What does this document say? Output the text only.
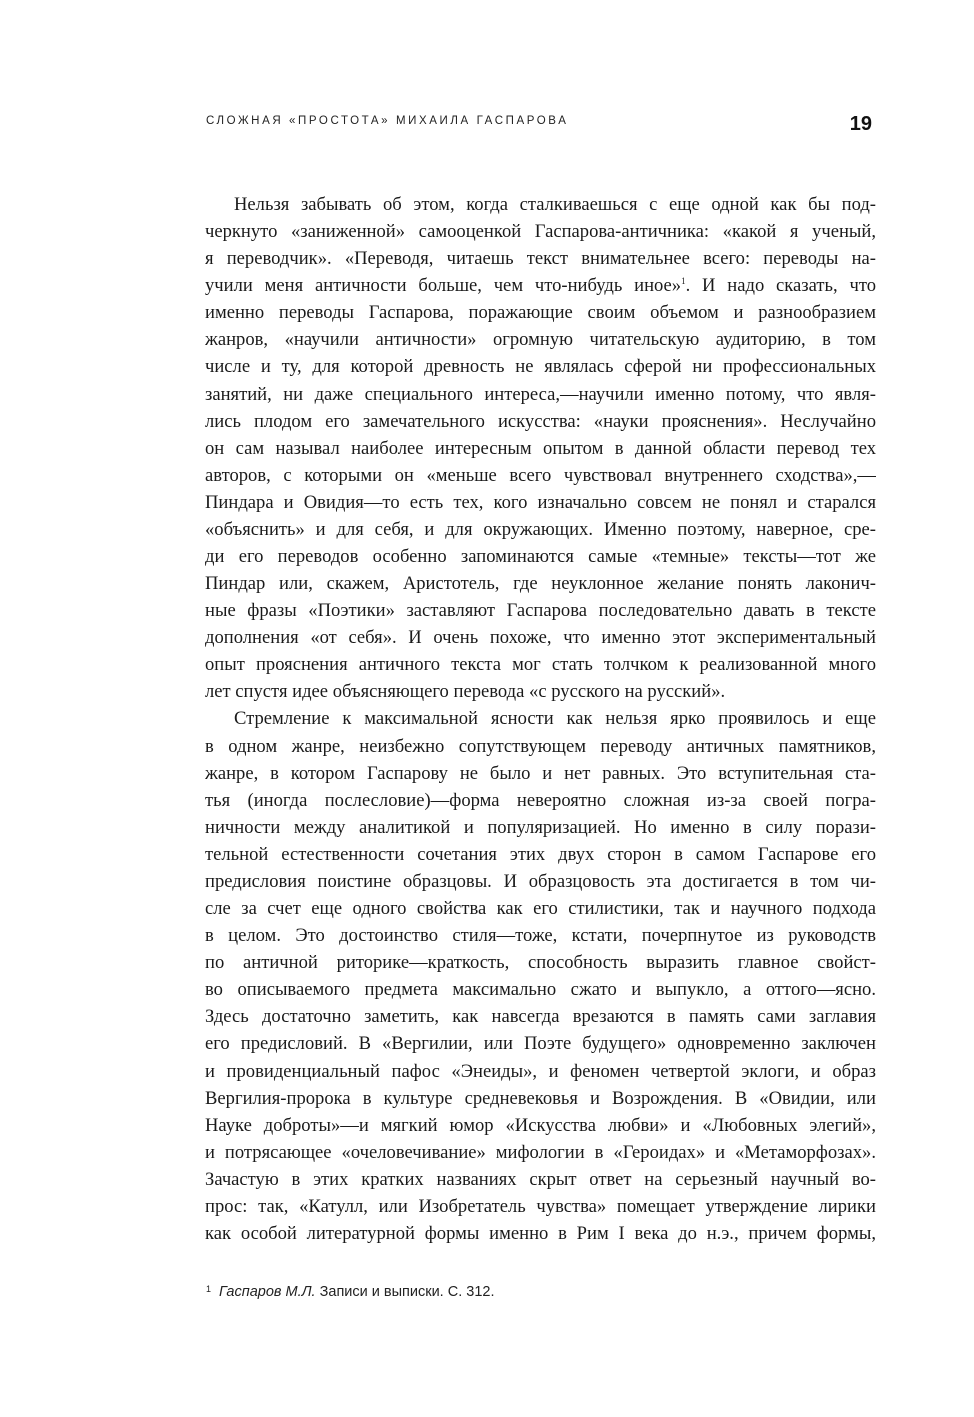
СЛОЖНАЯ «ПРОСТОТА» МИХАИЛА ГАСПАРОВА	19
Нельзя забывать об этом, когда сталкиваешься с еще одной как бы под-
черкнуто «заниженной» самооценкой Гаспарова-античника: «какой я ученый,
я переводчик». «Переводя, читаешь текст внимательнее всего: переводы на-
учили меня античности больше, чем что-нибудь иное»$^1$. И надо сказать, что
именно переводы Гаспарова, поражающие своим объемом и разнообразием
жанров, «научили античности» огромную читательскую аудиторию, в том
числе и ту, для которой древность не являлась сферой ни профессиональных
занятий, ни даже специального интереса,—научили именно потому, что явля-
лись плодом его замечательного искусства: «науки прояснения». Неслучайно
он сам называл наиболее интересным опытом в данной области перевод тех
авторов, с которыми он «меньше всего чувствовал внутреннего сходства»,—
Пиндара и Овидия—то есть тех, кого изначально совсем не понял и старался
«объяснить» и для себя, и для окружающих. Именно поэтому, наверное, сре-
ди его переводов особенно запоминаются самые «темные» тексты—тот же
Пиндар или, скажем, Аристотель, где неуклонное желание понять лаконич-
ные фразы «Поэтики» заставляют Гаспарова последовательно давать в тексте
дополнения «от себя». И очень похоже, что именно этот экспериментальный
опыт прояснения античного текста мог стать толчком к реализованной много
лет спустя идее объясняющего перевода «с русского на русский».
Стремление к максимальной ясности как нельзя ярко проявилось и еще
в одном жанре, неизбежно сопутствующем переводу античных памятников,
жанре, в котором Гаспарову не было и нет равных. Это вступительная ста-
тья (иногда послесловие)—форма невероятно сложная из-за своей погра-
ничности между аналитикой и популяризацией. Но именно в силу порази-
тельной естественности сочетания этих двух сторон в самом Гаспарове его
предисловия поистине образцовы. И образцовость эта достигается в том чи-
сле за счет еще одного свойства как его стилистики, так и научного подхода
в целом. Это достоинство стиля—тоже, кстати, почерпнутое из руководств
по античной риторике—краткость, способность выразить главное свойст-
во описываемого предмета максимально сжато и выпукло, а оттого—ясно.
Здесь достаточно заметить, как навсегда врезаются в память сами заглавия
его предисловий. В «Вергилии, или Поэте будущего» одновременно заключен
и провиденциальный пафос «Энеиды», и феномен четвертой эклоги, и образ
Вергилия-пророка в культуре средневековья и Возрождения. В «Овидии, или
Науке доброты»—и мягкий юмор «Искусства любви» и «Любовных элегий»,
и потрясающее «очеловечивание» мифологии в «Героидах» и «Метаморфозах».
Зачастую в этих кратких названиях скрыт ответ на серьезный научный во-
прос: так, «Катулл, или Изобретатель чувства» помещает утверждение лирики
как особой литературной формы именно в Рим I века до н.э., причем формы,
$^1$ Гаспаров М.Л. Записи и выписки. С. 312.
